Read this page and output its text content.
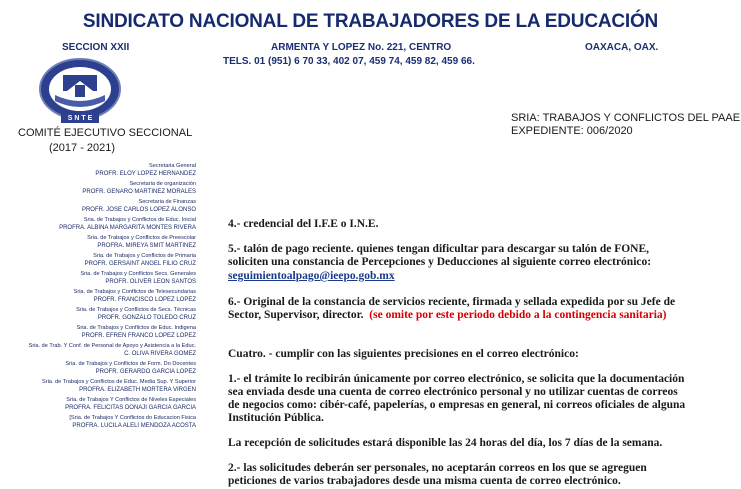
SINDICATO NACIONAL DE TRABAJADORES DE LA EDUCACIÓN
SECCION XXII	ARMENTA Y LOPEZ No. 221, CENTRO	OAXACA, OAX.
TELS. 01 (951) 6 70 33, 402 07, 459 74, 459 82, 459 66.
S N T E
COMITÉ EJECUTIVO SECCIONAL
(2017 - 2021)
SRIA: TRABAJOS Y CONFLICTOS DEL PAAE
EXPEDIENTE: 006/2020
Secretaria General
PROFR. ELOY LOPEZ HERNANDEZ
Secretaria de organización
PROFR. GENARO MARTINEZ MORALES
Secretaria de Finanzas
PROFR. JOSE CARLOS LOPEZ ALONSO
Sria. de Trabajos y Conflictos de Educ. Inicial
PROFRA. ALBINA MARGARITA MONTES RIVERA
Sria. de Trabajos y Conflictos de Preescolar
PROFRA. MIREYA SMIT MARTINEZ
Sria. de Trabajos y Conflictos de Primaria
PROFR. GERSAINT ANGEL FILIO CRUZ
Sria. de Trabajos y Conflictos Secs. Generales
PROFR. OLIVER LEON SANTOS
Sria. de Trabajos y Conflictos de Telesecundarias
PROFR. FRANCISCO LOPEZ LOPEZ
Sria. de Trabajos y Conflictos de Secs. Técnicas
PROFR. GONZALO TOLEDO CRUZ
Sria. de Trabajos y Conflictos de Educ. Indigena
PROFR. EFREN FRANCO LOPEZ LOPEZ
Sria. de Trab. Y Conf. de Personal de Apoyo y Asistencia a la Educ.
C. OLIVA RIVERA GOMEZ
Sria. de Trabajos y Conflictos de Form. Do Docentes
PROFR. GERARDO GARCIA LOPEZ
Sria. de Trabajos y Conflictos de Educ. Media Sup. Y Superior
PROFRA. ELIZABETH MORTERA VIRGEN
Sria. de Trabajos Y Conflictos de Niveles Especiales
PROFRA. FELICITAS DONAJI GARCIA GARCIA
[Sria. de Trabajos Y Conflictos do Educacion Fisica
PROFRA. LUCILA ALELI MENDOZA ACOSTA
4.- credencial del I.F.E o I.N.E.
5.- talón de pago reciente. quienes tengan dificultar para descargar su talón de FONE,
soliciten una constancia de Percepciones y Deducciones al siguiente correo electrónico:
seguimientoalpago@ieepo.gob.mx
6.- Original de la constancia de servicios reciente, firmada y sellada expedida por su Jefe de
Sector, Supervisor, director. (se omite por este periodo debido a la contingencia sanitaria)
Cuatro. - cumplir con las siguientes precisiones en el correo electrónico:
1.- el trámite lo recibirán únicamente por correo electrónico, se solicita que la documentación
sea enviada desde una cuenta de correo electrónico personal y no utilizar cuentas de correos
de negocios como: cibér-café, papelerías, o empresas en general, ni correos oficiales de alguna
Institución Pública.
La recepción de solicitudes estará disponible las 24 horas del día, los 7 días de la semana.
2.- las solicitudes deberán ser personales, no aceptarán correos en los que se agreguen
peticiones de varios trabajadores desde una misma cuenta de correo electrónico.
